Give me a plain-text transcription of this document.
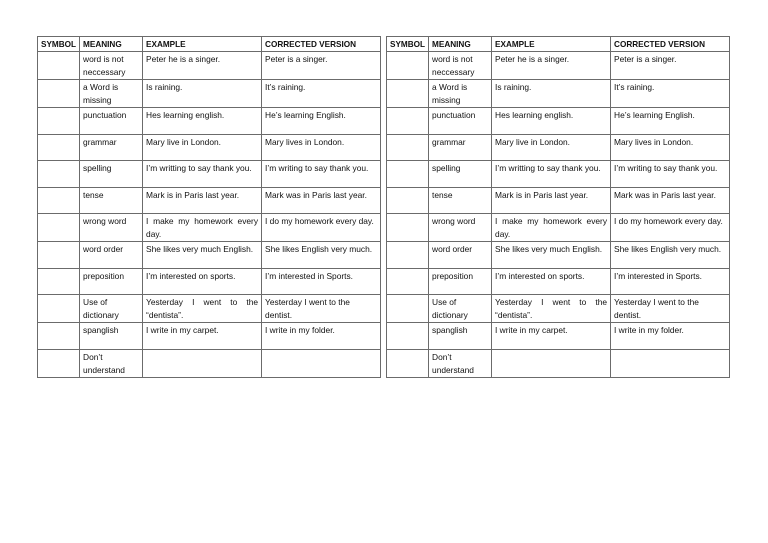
SYMBOL	MEANING	EXAMPLE	CORRECTED VERSION
	word is not neccessary	Peter he is a singer.	Peter is a singer.
	a Word is missing	Is raining.	It’s raining.
	punctuation	Hes learning english.	He’s learning English.
	grammar	Mary live in London.	Mary lives in London.
	spelling	I’m writting to say thank you.	I’m writing to say thank you.
	tense	Mark is in Paris last year.	Mark was in Paris last year.
	wrong word	I make my homework every day.	I do my homework every day.
	word order	She likes very much English.	She likes English very much.
	preposition	I’m interested on sports.	I’m interested in Sports.
	Use of dictionary	Yesterday I went to the “dentista”.	Yesterday I went to the dentist.
	spanglish	I write in my carpet.	I write in my folder.
	Don’t understand		
SYMBOL	MEANING	EXAMPLE	CORRECTED VERSION
	word is not neccessary	Peter he is a singer.	Peter is a singer.
	a Word is missing	Is raining.	It’s raining.
	punctuation	Hes learning english.	He’s learning English.
	grammar	Mary live in London.	Mary lives in London.
	spelling	I’m writting to say thank you.	I’m writing to say thank you.
	tense	Mark is in Paris last year.	Mark was in Paris last year.
	wrong word	I make my homework every day.	I do my homework every day.
	word order	She likes very much English.	She likes English very much.
	preposition	I’m interested on sports.	I’m interested in Sports.
	Use of dictionary	Yesterday I went to the “dentista”.	Yesterday I went to the dentist.
	spanglish	I write in my carpet.	I write in my folder.
	Don’t understand		
